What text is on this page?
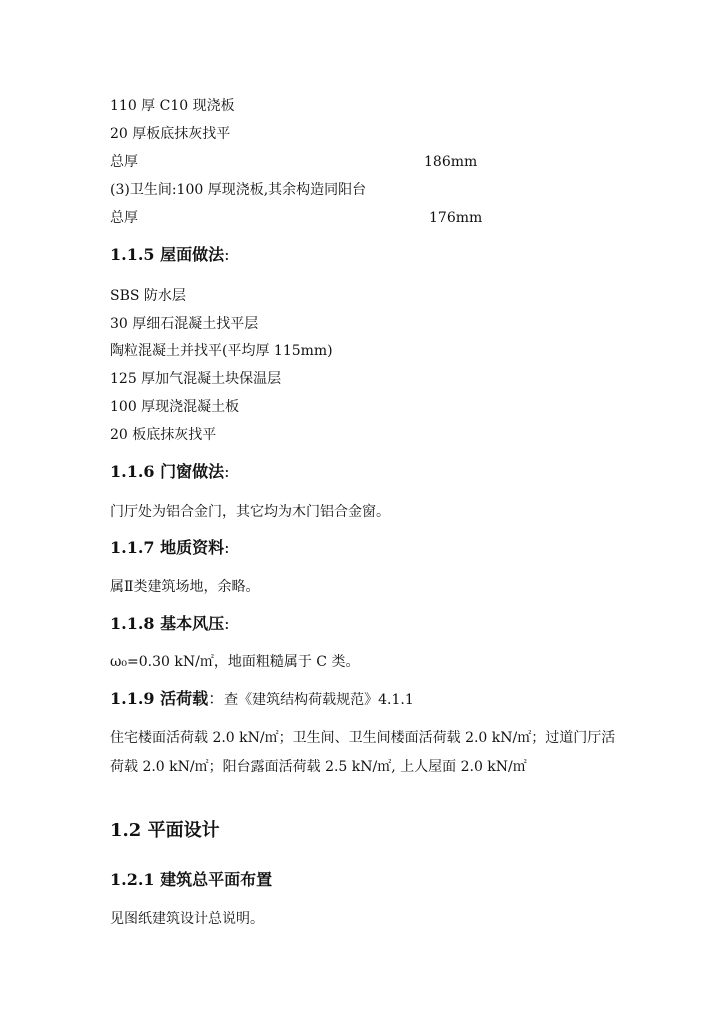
110 厚 C10 现浇板
20 厚板底抹灰找平
总厚	186mm
(3)卫生间:100 厚现浇板,其余构造同阳台
总厚	176mm
1.1.5 屋面做法:
SBS 防水层
30 厚细石混凝土找平层
陶粒混凝土并找平(平均厚 115mm)
125 厚加气混凝土块保温层
100 厚现浇混凝土板
20 板底抹灰找平
1.1.6 门窗做法:
门厅处为铝合金门，其它均为木门铝合金窗。
1.1.7 地质资料:
属Ⅱ类建筑场地，余略。
1.1.8 基本风压:
ω₀=0.30 kN/㎡，地面粗糙属于 C 类。
1.1.9 活荷载：查《建筑结构荷载规范》4.1.1
住宅楼面活荷载 2.0 kN/㎡；卫生间、卫生间楼面活荷载 2.0 kN/㎡；过道门厅活
荷载 2.0 kN/㎡；阳台露面活荷载 2.5 kN/㎡, 上人屋面 2.0 kN/㎡
1.2 平面设计
1.2.1 建筑总平面布置
见图纸建筑设计总说明。
